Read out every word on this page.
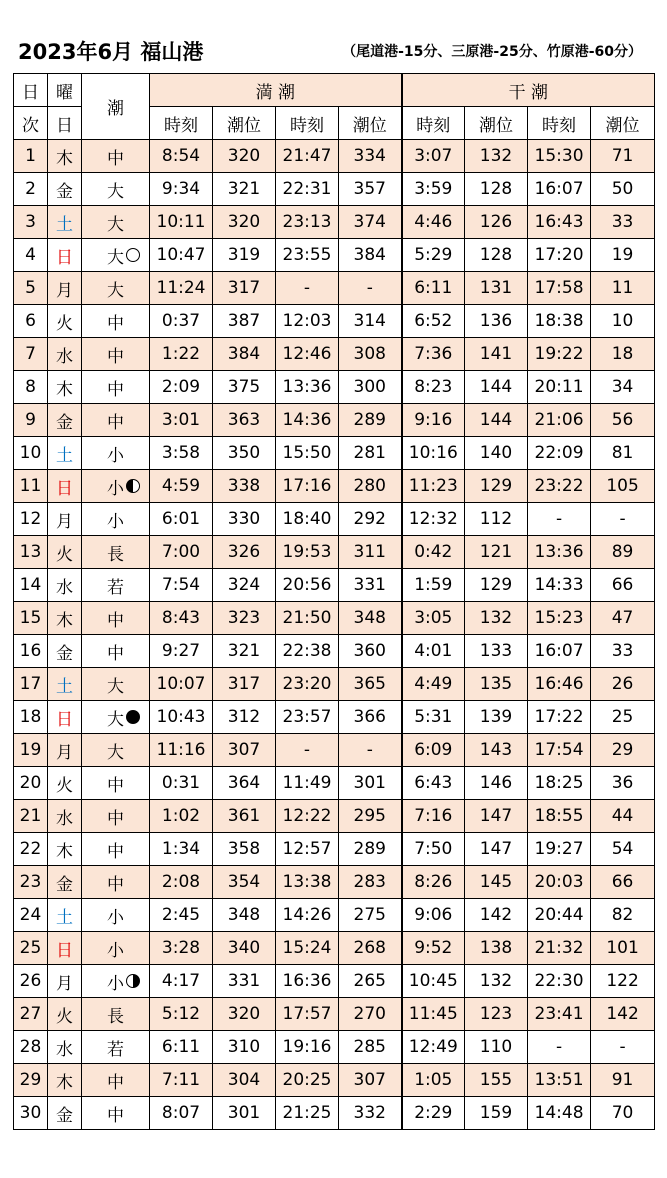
2023年6月 福山港	（尾道港-15分、三原港-25分、竹原港-60分）
日	曜	潮	満 潮				干 潮			
次	日		時刻	潮位	時刻	潮位	時刻	潮位	時刻	潮位
1	木	中	8:54	320	21:47	334	3:07	132	15:30	71
2	金	大	9:34	321	22:31	357	3:59	128	16:07	50
3	土	大	10:11	320	23:13	374	4:46	126	16:43	33
4	日	大	10:47	319	23:55	384	5:29	128	17:20	19
5	月	大	11:24	317	-	-	6:11	131	17:58	11
6	火	中	0:37	387	12:03	314	6:52	136	18:38	10
7	水	中	1:22	384	12:46	308	7:36	141	19:22	18
8	木	中	2:09	375	13:36	300	8:23	144	20:11	34
9	金	中	3:01	363	14:36	289	9:16	144	21:06	56
10	土	小	3:58	350	15:50	281	10:16	140	22:09	81
11	日	小	4:59	338	17:16	280	11:23	129	23:22	105
12	月	小	6:01	330	18:40	292	12:32	112	-	-
13	火	長	7:00	326	19:53	311	0:42	121	13:36	89
14	水	若	7:54	324	20:56	331	1:59	129	14:33	66
15	木	中	8:43	323	21:50	348	3:05	132	15:23	47
16	金	中	9:27	321	22:38	360	4:01	133	16:07	33
17	土	大	10:07	317	23:20	365	4:49	135	16:46	26
18	日	大	10:43	312	23:57	366	5:31	139	17:22	25
19	月	大	11:16	307	-	-	6:09	143	17:54	29
20	火	中	0:31	364	11:49	301	6:43	146	18:25	36
21	水	中	1:02	361	12:22	295	7:16	147	18:55	44
22	木	中	1:34	358	12:57	289	7:50	147	19:27	54
23	金	中	2:08	354	13:38	283	8:26	145	20:03	66
24	土	小	2:45	348	14:26	275	9:06	142	20:44	82
25	日	小	3:28	340	15:24	268	9:52	138	21:32	101
26	月	小	4:17	331	16:36	265	10:45	132	22:30	122
27	火	長	5:12	320	17:57	270	11:45	123	23:41	142
28	水	若	6:11	310	19:16	285	12:49	110	-	-
29	木	中	7:11	304	20:25	307	1:05	155	13:51	91
30	金	中	8:07	301	21:25	332	2:29	159	14:48	70
